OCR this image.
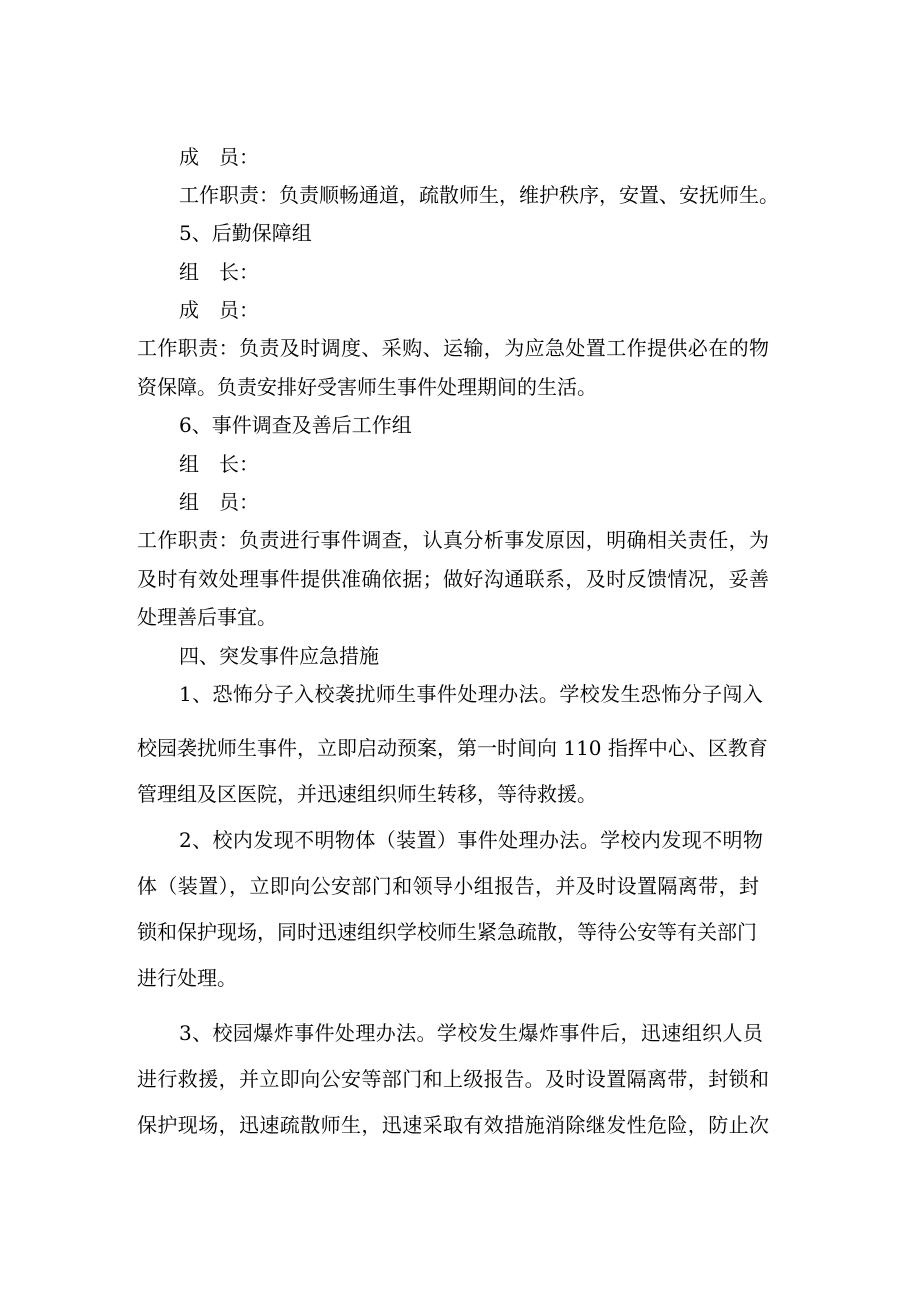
成　员：

工作职责：负责顺畅通道，疏散师生，维护秩序，安置、安抚师生。

5、后勤保障组

组　长：

成　员：

工作职责：负责及时调度、采购、运输，为应急处置工作提供必在的物

资保障。负责安排好受害师生事件处理期间的生活。

6、事件调查及善后工作组

组　长：

组　员：

工作职责：负责进行事件调查，认真分析事发原因，明确相关责任，为

及时有效处理事件提供准确依据；做好沟通联系，及时反馈情况，妥善

处理善后事宜。

四、突发事件应急措施

1、恐怖分子入校袭扰师生事件处理办法。学校发生恐怖分子闯入

校园袭扰师生事件，立即启动预案，第一时间向 110 指挥中心、区教育

管理组及区医院，并迅速组织师生转移，等待救援。

2、校内发现不明物体（装置）事件处理办法。学校内发现不明物

体（装置），立即向公安部门和领导小组报告，并及时设置隔离带，封

锁和保护现场，同时迅速组织学校师生紧急疏散，等待公安等有关部门

进行处理。

3、校园爆炸事件处理办法。学校发生爆炸事件后，迅速组织人员

进行救援，并立即向公安等部门和上级报告。及时设置隔离带，封锁和

保护现场，迅速疏散师生，迅速采取有效措施消除继发性危险，防止次
